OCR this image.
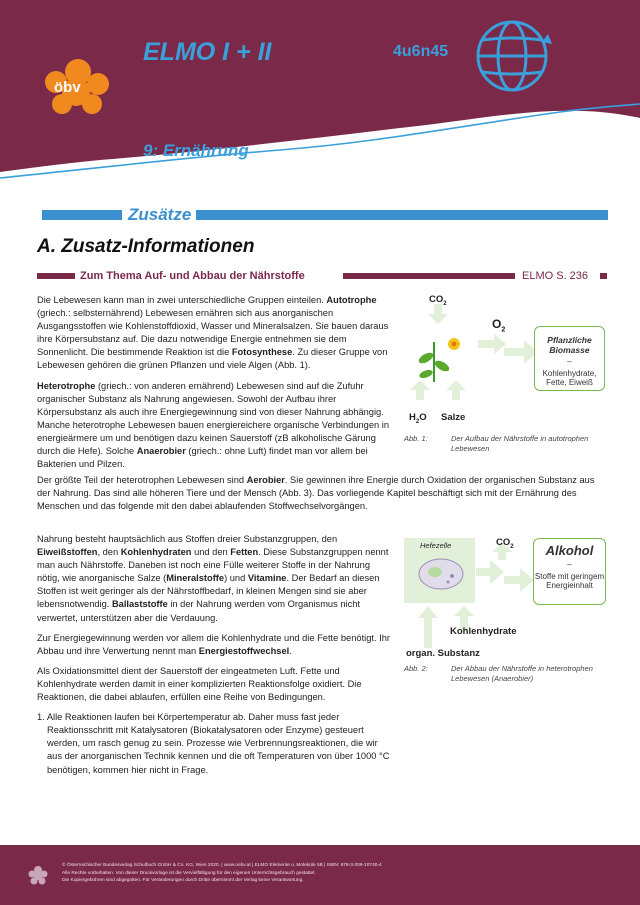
ELMO I + II	4u6n45
öbv
9: Ernährung
Zusätze
A. Zusatz-Informationen
Zum Thema Auf- und Abbau der Nährstoffe	ELMO S. 236

Die Lebewesen kann man in zwei unterschiedliche Gruppen einteilen. Autotrophe (griech.: selbsternährend) Lebewesen ernähren sich aus anorganischen Ausgangsstoffen wie Kohlenstoffdioxid, Wasser und Mineralsalzen. Sie bauen daraus ihre Körpersubstanz auf. Die dazu notwendige Energie entnehmen sie dem Sonnenlicht. Die bestimmende Reaktion ist die Fotosynthese. Zu dieser Gruppe von Lebewesen gehören die grünen Pflanzen und viele Algen (Abb. 1).

Heterotrophe (griech.: von anderen ernährend) Lebewesen sind auf die Zufuhr organischer Substanz als Nahrung angewiesen. Sowohl der Aufbau ihrer Körpersubstanz als auch ihre Energiegewinnung sind von dieser Nahrung abhängig. Manche heterotrophe Lebewesen bauen energiereichere organische Verbindungen in energieärmere um und benötigen dazu keinen Sauerstoff (zB alkoholische Gärung durch die Hefe). Solche Anaerobier (griech.: ohne Luft) findet man vor allem bei Bakterien und Pilzen.

Der größte Teil der heterotrophen Lebewesen sind Aerobier. Sie gewinnen ihre Energie durch Oxidation der organischen Substanz aus der Nahrung. Das sind alle höheren Tiere und der Mensch (Abb. 3). Das vorliegende Kapitel beschäftigt sich mit der Ernährung des Menschen und das folgende mit den dabei ablaufenden Stoffwechselvorgängen.

Nahrung besteht hauptsächlich aus Stoffen dreier Substanzgruppen, den Eiweißstoffen, den Kohlenhydraten und den Fetten. Diese Substanzgruppen nennt man auch Nährstoffe. Daneben ist noch eine Fülle weiterer Stoffe in der Nahrung nötig, wie anorganische Salze (Mineralstoffe) und Vitamine. Der Bedarf an diesen Stoffen ist weit geringer als der Nährstoffbedarf, in kleinen Mengen sind sie aber lebensnotwendig. Ballaststoffe in der Nahrung werden vom Organismus nicht verwertet, unterstützen aber die Verdauung.

Zur Energiegewinnung werden vor allem die Kohlenhydrate und die Fette benötigt. Ihr Abbau und ihre Verwertung nennt man Energiestoffwechsel.

Als Oxidationsmittel dient der Sauerstoff der eingeatmeten Luft. Fette und Kohlenhydrate werden damit in einer komplizierten Reaktionsfolge oxidiert. Die Reaktionen, die dabei ablaufen, erfüllen eine Reihe von Bedingungen.

1. Alle Reaktionen laufen bei Körpertemperatur ab. Daher muss fast jeder Reaktionsschritt mit Katalysatoren (Biokatalysatoren oder Enzyme) gesteuert werden, um rasch genug zu sein. Prozesse wie Verbrennungsreaktionen, die wir aus der anorganischen Technik kennen und die oft Temperaturen von über 1000 °C benötigen, kommen hier nicht in Frage.

$CO_2$
$O_2$
$H_2O$ Salze
Pflanzliche Biomasse
–
Kohlenhydrate, Fette, Eiweiß
Abb. 1:	Der Aufbau der Nährstoffe in autotrophen Lebewesen
Hefezelle	$CO_2$	Alkohol
–
Stoffe mit geringem Energieinhalt
Kohlenhydrate
organ. Substanz
Abb. 2:	Der Abbau der Nährstoffe in heterotrophen Lebewesen (Anaerobier)
© Österreichischer Bundesverlag Schulbuch GmbH & Co. KG, Wien 2020. | www.oebv.at | ELMO Elemente u. Moleküle 5B | ISBN: 978-3-209-10740-4
Alle Rechte vorbehalten. Von dieser Druckvorlage ist die Vervielfältigung für den eigenen Unterrichtsgebrauch gestattet.
Die Kopiergebühren sind abgegolten. Für Veränderungen durch Dritte übernimmt der Verlag keine Verantwortung.
